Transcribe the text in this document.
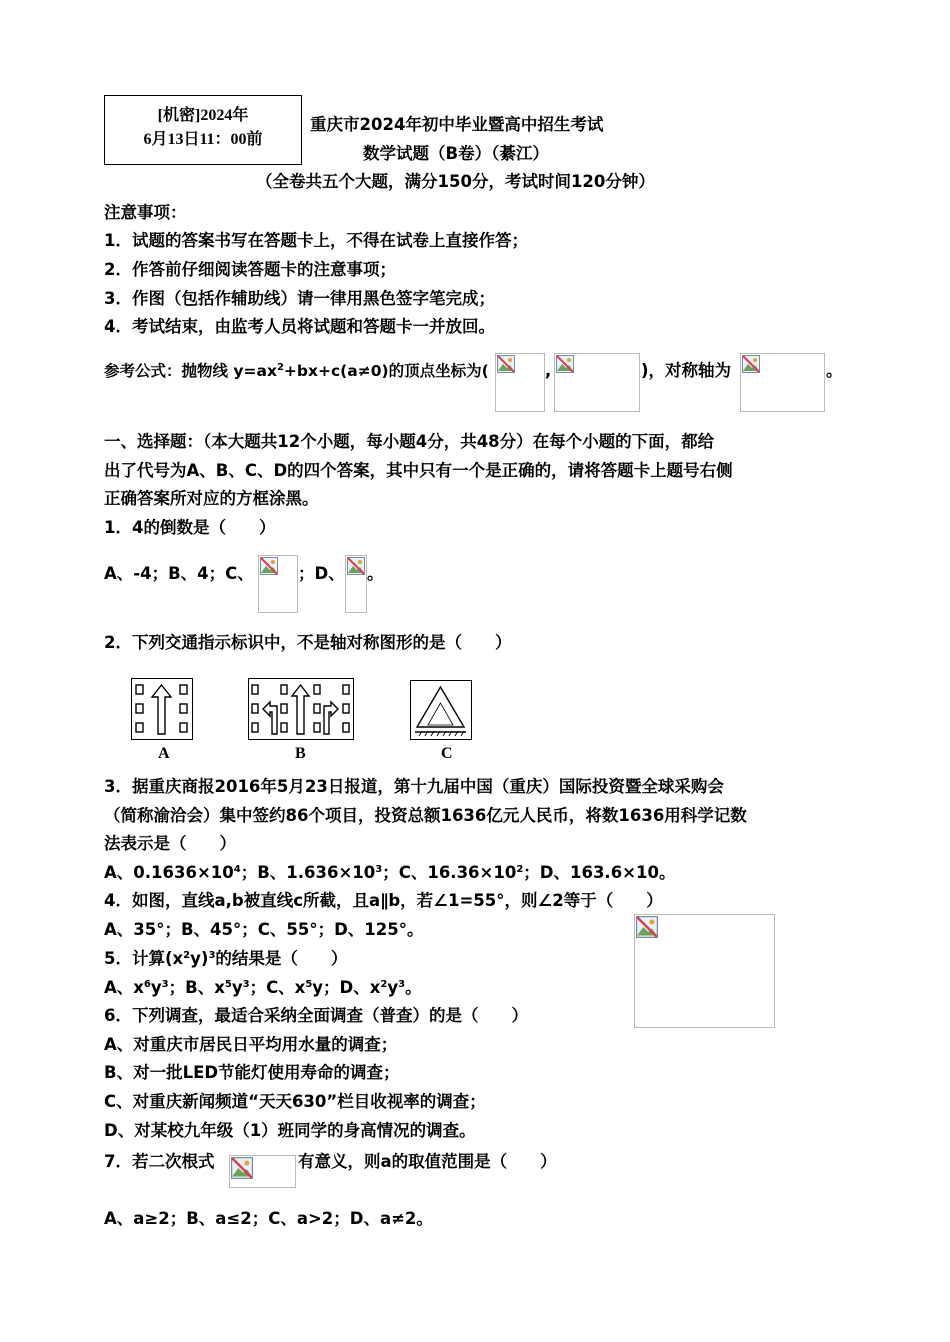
[机密]2024年
6月13日11：00前
重庆市2024年初中毕业暨高中招生考试
数学试题（B卷）（綦江）
（全卷共五个大题，满分150分，考试时间120分钟）
注意事项：
1．试题的答案书写在答题卡上，不得在试卷上直接作答；
2．作答前仔细阅读答题卡的注意事项；
3．作图（包括作辅助线）请一律用黑色签字笔完成；
4．考试结束，由监考人员将试题和答题卡一并放回。
参考公式：抛物线 $y=ax^2+bx+c(a\ne 0)$的顶点坐标为(	,	)，对称轴为	。
一、选择题：（本大题共12个小题，每小题4分，共48分）在每个小题的下面，都给
出了代号为A、B、C、D的四个答案，其中只有一个是正确的，请将答题卡上题号右侧
正确答案所对应的方框涂黑。
1．4的倒数是（　　）
A、-4；B、4；C、	；D、 。
2．下列交通指示标识中，不是轴对称图形的是（　　）
A	B	C
3．据重庆商报2016年5月23日报道，第十九届中国（重庆）国际投资暨全球采购会
（简称渝洽会）集中签约86个项目，投资总额1636亿元人民币，将数1636用科学记数
法表示是（　　）
A、$0.1636\times 10^4$；B、$1.636\times 10^3$；C、$16.36\times 10^2$；D、163.6×10。
4．如图，直线a,b被直线c所截，且a∥b，若∠1=55°，则∠2等于（　　）
A、35°；B、45°；C、55°；D、125°。
5．计算$(x^2y)^3$的结果是（　　）
A、$x^6y^3$；B、$x^5y^3$；C、$x^5y$；D、$x^2y^3$。
6．下列调查，最适合采纳全面调查（普查）的是（　　）
A、对重庆市居民日平均用水量的调查；
B、对一批LED节能灯使用寿命的调查；
C、对重庆新闻频道“天天630”栏目收视率的调查；
D、对某校九年级（1）班同学的身高情况的调查。
7．若二次根式	有意义，则a的取值范围是（　　）
A、a≥2；B、a≤2；C、a>2；D、a≠2。
